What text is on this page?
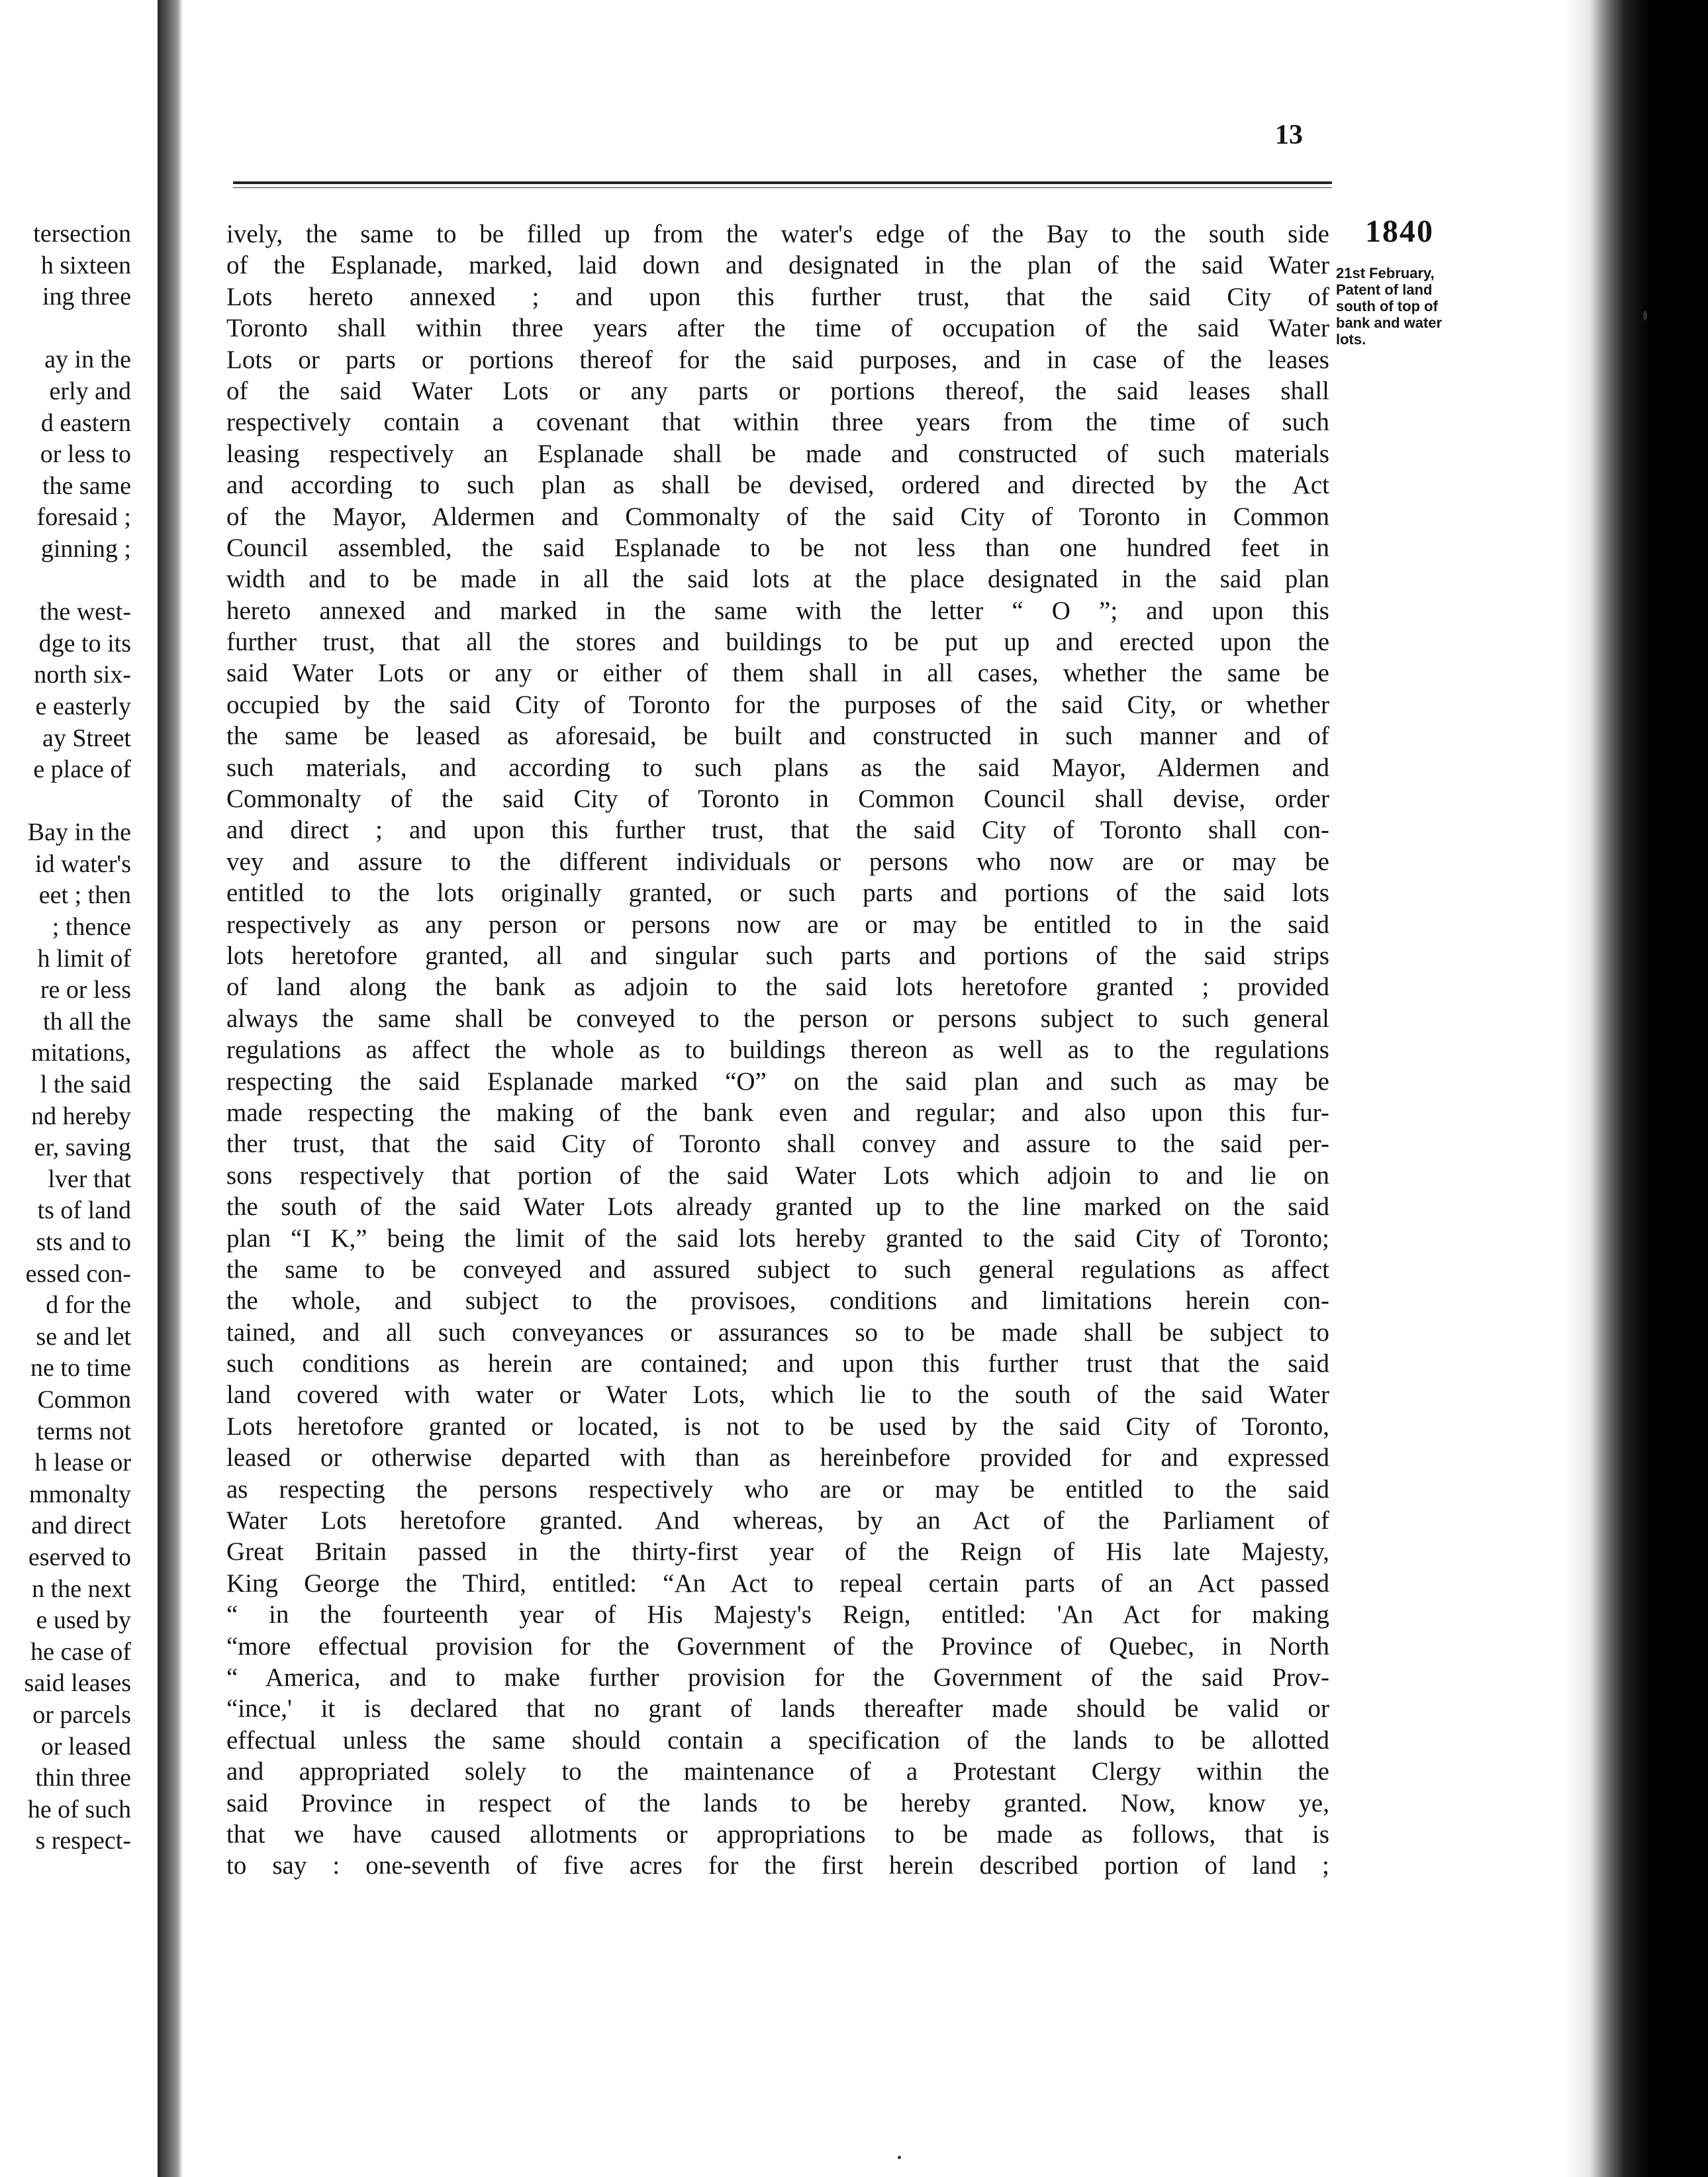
tersection
h sixteen
ing three
ay in the
erly and
d eastern
or less to
the same
foresaid ;
ginning ;
the west-
dge to its
north six-
e easterly
ay Street
e place of
Bay in the
id water's
eet ; then
; thence
h limit of
re or less
th all the
mitations,
l the said
nd hereby
er, saving
lver that
ts of land
sts and to
essed con-
d for the
se and let
ne to time
Common
terms not
h lease or
mmonalty
and direct
eserved to
n the next
e used by
he case of
said leases
or parcels
or leased
thin three
he of such
s respect-
13
ively, the same to be filled up from the water's edge of the Bay to the south side
of the Esplanade, marked, laid down and designated in the plan of the said Water
Lots hereto annexed ; and upon this further trust, that the said City of
Toronto shall within three years after the time of occupation of the said Water
Lots or parts or portions thereof for the said purposes, and in case of the leases
of the said Water Lots or any parts or portions thereof, the said leases shall
respectively contain a covenant that within three years from the time of such
leasing respectively an Esplanade shall be made and constructed of such materials
and according to such plan as shall be devised, ordered and directed by the Act
of the Mayor, Aldermen and Commonalty of the said City of Toronto in Common
Council assembled, the said Esplanade to be not less than one hundred feet in
width and to be made in all the said lots at the place designated in the said plan
hereto annexed and marked in the same with the letter “ O ”; and upon this
further trust, that all the stores and buildings to be put up and erected upon the
said Water Lots or any or either of them shall in all cases, whether the same be
occupied by the said City of Toronto for the purposes of the said City, or whether
the same be leased as aforesaid, be built and constructed in such manner and of
such materials, and according to such plans as the said Mayor, Aldermen and
Commonalty of the said City of Toronto in Common Council shall devise, order
and direct ; and upon this further trust, that the said City of Toronto shall con-
vey and assure to the different individuals or persons who now are or may be
entitled to the lots originally granted, or such parts and portions of the said lots
respectively as any person or persons now are or may be entitled to in the said
lots heretofore granted, all and singular such parts and portions of the said strips
of land along the bank as adjoin to the said lots heretofore granted ; provided
always the same shall be conveyed to the person or persons subject to such general
regulations as affect the whole as to buildings thereon as well as to the regulations
respecting the said Esplanade marked “O” on the said plan and such as may be
made respecting the making of the bank even and regular; and also upon this fur-
ther trust, that the said City of Toronto shall convey and assure to the said per-
sons respectively that portion of the said Water Lots which adjoin to and lie on
the south of the said Water Lots already granted up to the line marked on the said
plan “I K,” being the limit of the said lots hereby granted to the said City of Toronto;
the same to be conveyed and assured subject to such general regulations as affect
the whole, and subject to the provisoes, conditions and limitations herein con-
tained, and all such conveyances or assurances so to be made shall be subject to
such conditions as herein are contained; and upon this further trust that the said
land covered with water or Water Lots, which lie to the south of the said Water
Lots heretofore granted or located, is not to be used by the said City of Toronto,
leased or otherwise departed with than as hereinbefore provided for and expressed
as respecting the persons respectively who are or may be entitled to the said
Water Lots heretofore granted. And whereas, by an Act of the Parliament of
Great Britain passed in the thirty-first year of the Reign of His late Majesty,
King George the Third, entitled: “An Act to repeal certain parts of an Act passed
“ in the fourteenth year of His Majesty's Reign, entitled: 'An Act for making
“more effectual provision for the Government of the Province of Quebec, in North
“ America, and to make further provision for the Government of the said Prov-
“ince,' it is declared that no grant of lands thereafter made should be valid or
effectual unless the same should contain a specification of the lands to be allotted
and appropriated solely to the maintenance of a Protestant Clergy within the
said Province in respect of the lands to be hereby granted. Now, know ye,
that we have caused allotments or appropriations to be made as follows, that is
to say : one-seventh of five acres for the first herein described portion of land ;
1840
21st February,
Patent of land
south of top of
bank and water
lots.
